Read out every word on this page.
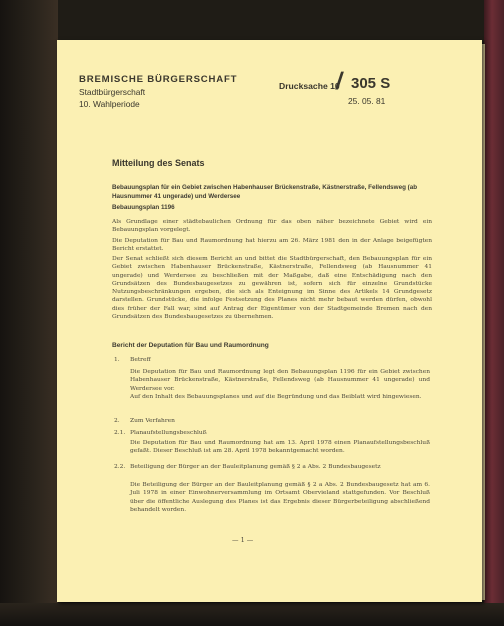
BREMISCHE BÜRGERSCHAFT
Stadtbürgerschaft
10. Wahlperiode
Drucksache 10
/ 305 S
25. 05. 81
Mitteilung des Senats
Bebauungsplan für ein Gebiet zwischen Habenhauser Brückenstraße, Kästnerstraße, Fellendsweg (ab Hausnummer 41 ungerade) und Werdersee
Bebauungsplan 1196
Als Grundlage einer städtebaulichen Ordnung für das oben näher bezeichnete Gebiet wird ein Bebauungsplan vorgelegt.
Die Deputation für Bau und Raumordnung hat hierzu am 26. März 1981 den in der Anlage beigefügten Bericht erstattet.
Der Senat schließt sich diesem Bericht an und bittet die Stadtbürgerschaft, den Bebauungsplan für ein Gebiet zwischen Habenhauser Brückenstraße, Kästnerstraße, Fellendsweg (ab Hausnummer 41 ungerade) und Werdersee zu beschließen mit der Maßgabe, daß eine Entschädigung nach den Grundsätzen des Bundesbaugesetzes zu gewähren ist, sofern sich für einzelne Grundstücke Nutzungsbeschränkungen ergeben, die sich als Enteignung im Sinne des Artikels 14 Grundgesetz darstellen. Grundstücke, die infolge Festsetzung des Planes nicht mehr bebaut werden dürfen, obwohl dies früher der Fall war, sind auf Antrag der Eigentümer von der Stadtgemeinde Bremen nach den Grundsätzen des Bundesbaugesetzes zu übernehmen.
Bericht der Deputation für Bau und Raumordnung
1. Betreff
Die Deputation für Bau und Raumordnung legt den Bebauungsplan 1196 für ein Gebiet zwischen Habenhauser Brückenstraße, Kästnerstraße, Fellendsweg (ab Hausnummer 41 ungerade) und Werdersee vor.
Auf den Inhalt des Bebauungsplanes und auf die Begründung und das Beiblatt wird hingewiesen.
2. Zum Verfahren
2.1. Planaufstellungsbeschluß
Die Deputation für Bau und Raumordnung hat am 13. April 1978 einen Planaufstellungsbeschluß gefaßt. Dieser Beschluß ist am 28. April 1978 bekanntgemacht worden.
2.2. Beteiligung der Bürger an der Bauleitplanung gemäß § 2 a Abs. 2 Bundesbaugesetz
Die Beteiligung der Bürger an der Bauleitplanung gemäß § 2 a Abs. 2 Bundesbaugesetz hat am 6. Juli 1978 in einer Einwohnerversammlung im Ortsamt Obervieland stattgefunden. Vor Beschluß über die öffentliche Auslegung des Planes ist das Ergebnis dieser Bürgerbeteiligung abschließend behandelt worden.
— 1 —
